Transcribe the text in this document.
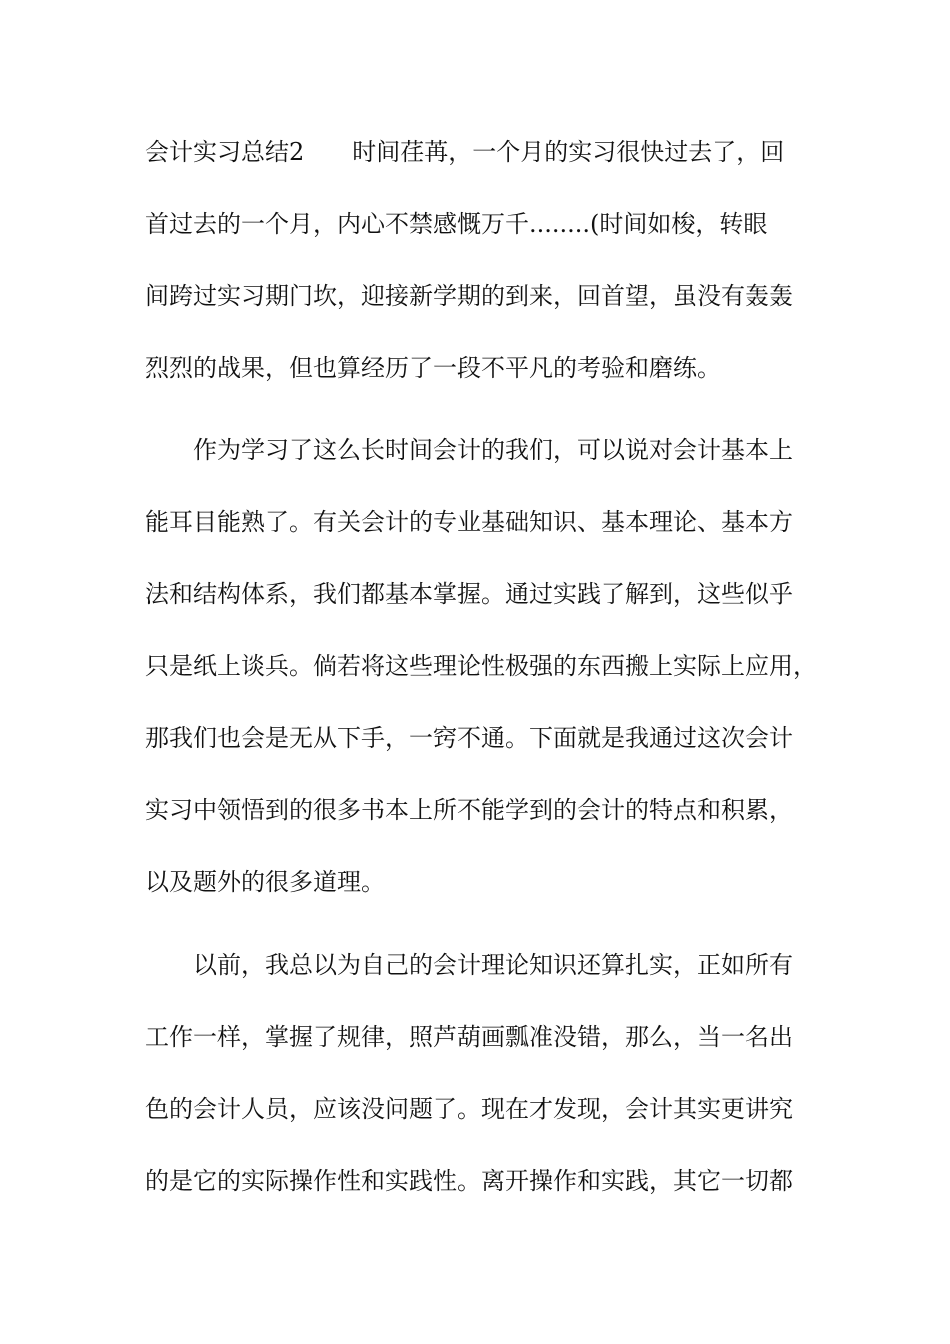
会计实习总结2　　时间荏苒，一个月的实习很快过去了，回
首过去的一个月，内心不禁感慨万千........(时间如梭，转眼
间跨过实习期门坎，迎接新学期的到来，回首望，虽没有轰轰
烈烈的战果，但也算经历了一段不平凡的考验和磨练。
作为学习了这么长时间会计的我们，可以说对会计基本上
能耳目能熟了。有关会计的专业基础知识、基本理论、基本方
法和结构体系，我们都基本掌握。通过实践了解到，这些似乎
只是纸上谈兵。倘若将这些理论性极强的东西搬上实际上应用，
那我们也会是无从下手，一窍不通。下面就是我通过这次会计
实习中领悟到的很多书本上所不能学到的会计的特点和积累，
以及题外的很多道理。
以前，我总以为自己的会计理论知识还算扎实，正如所有
工作一样，掌握了规律，照芦葫画瓢准没错，那么，当一名出
色的会计人员，应该没问题了。现在才发现，会计其实更讲究
的是它的实际操作性和实践性。离开操作和实践，其它一切都
